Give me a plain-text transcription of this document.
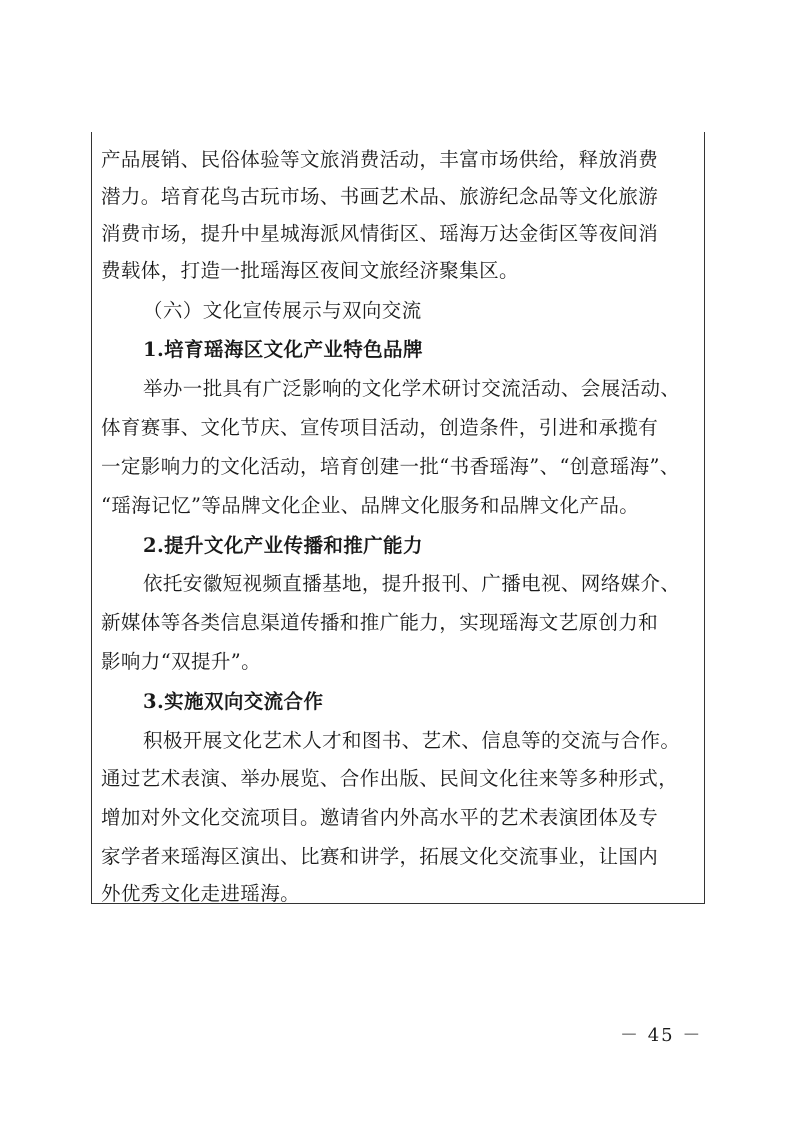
产品展销、民俗体验等文旅消费活动，丰富市场供给，释放消费
潜力。培育花鸟古玩市场、书画艺术品、旅游纪念品等文化旅游
消费市场，提升中星城海派风情街区、瑶海万达金街区等夜间消
费载体，打造一批瑶海区夜间文旅经济聚集区。
（六）文化宣传展示与双向交流
1.培育瑶海区文化产业特色品牌
举办一批具有广泛影响的文化学术研讨交流活动、会展活动、
体育赛事、文化节庆、宣传项目活动，创造条件，引进和承揽有
一定影响力的文化活动，培育创建一批“书香瑶海”、“创意瑶海”、
“瑶海记忆”等品牌文化企业、品牌文化服务和品牌文化产品。
2.提升文化产业传播和推广能力
依托安徽短视频直播基地，提升报刊、广播电视、网络媒介、
新媒体等各类信息渠道传播和推广能力，实现瑶海文艺原创力和
影响力“双提升”。
3.实施双向交流合作
积极开展文化艺术人才和图书、艺术、信息等的交流与合作。
通过艺术表演、举办展览、合作出版、民间文化往来等多种形式，
增加对外文化交流项目。邀请省内外高水平的艺术表演团体及专
家学者来瑶海区演出、比赛和讲学，拓展文化交流事业，让国内
外优秀文化走进瑶海。
－ 45 －
